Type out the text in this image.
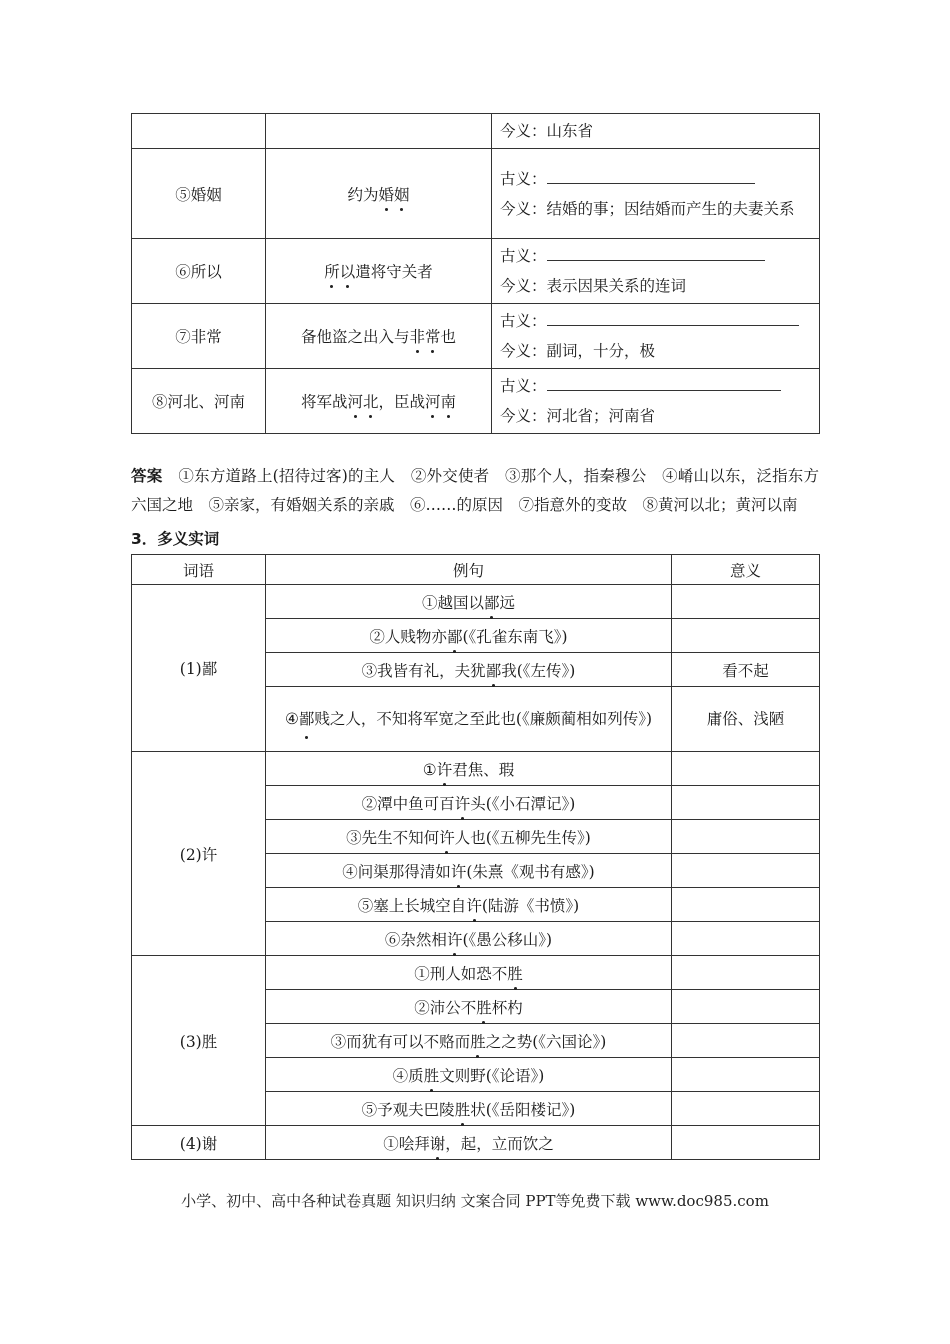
		今义：山东省

⑤婚姻	约为婚姻	古义：
今义：结婚的事；因结婚而产生的夫妻关系

⑥所以	所以遣将守关者	古义：
今义：表示因果关系的连词

⑦非常	备他盗之出入与非常也	古义：
今义：副词，十分，极

⑧河北、河南	将军战河北，臣战河南	古义：
今义：河北省；河南省
答案 ①东方道路上(招待过客)的主人　②外交使者　③那个人，指秦穆公　④崤山以东，泛指东方六国之地　⑤亲家，有婚姻关系的亲戚　⑥……的原因　⑦指意外的变故　⑧黄河以北；黄河以南
3．多义实词
词语	例句	意义
(1)鄙	①越国以鄙远	
	②人贱物亦鄙(《孔雀东南飞》)	
	③我皆有礼，夫犹鄙我(《左传》)	看不起
	④鄙贱之人，不知将军宽之至此也(《廉颇蔺相如列传》)	庸俗、浅陋
(2)许	①许君焦、瑕	
	②潭中鱼可百许头(《小石潭记》)	
	③先生不知何许人也(《五柳先生传》)	
	④问渠那得清如许(朱熹《观书有感》)	
	⑤塞上长城空自许(陆游《书愤》)	
	⑥杂然相许(《愚公移山》)	
(3)胜	①刑人如恐不胜	
	②沛公不胜杯杓	
	③而犹有可以不赂而胜之之势(《六国论》)	
	④质胜文则野(《论语》)	
	⑤予观夫巴陵胜状(《岳阳楼记》)	
(4)谢	①哙拜谢，起，立而饮之	
小学、初中、高中各种试卷真题 知识归纳 文案合同 PPT等免费下载 www.doc985.com
